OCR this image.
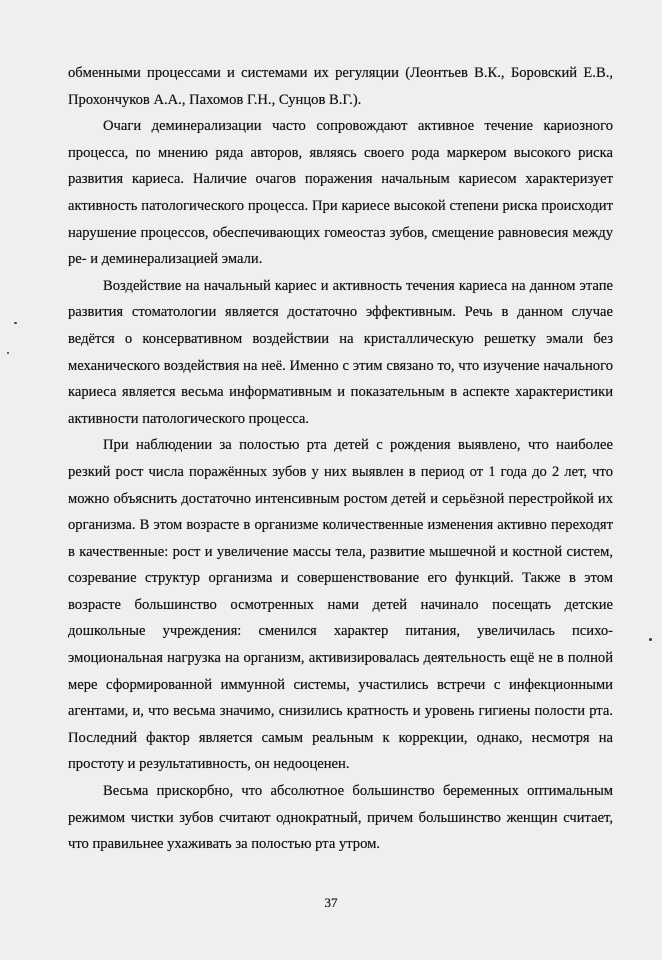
обменными процессами и системами их регуляции (Леонтьев В.К., Боровский Е.В., Прохончуков А.А., Пахомов Г.Н., Сунцов В.Г.).

Очаги деминерализации часто сопровождают активное течение кариозного процесса, по мнению ряда авторов, являясь своего рода маркером высокого риска развития кариеса. Наличие очагов поражения начальным кариесом характеризует активность патологического процесса. При кариесе высокой степени риска происходит нарушение процессов, обеспечивающих гомеостаз зубов, смещение равновесия между ре- и деминерализацией эмали.

Воздействие на начальный кариес и активность течения кариеса на данном этапе развития стоматологии является достаточно эффективным. Речь в данном случае ведётся о консервативном воздействии на кристаллическую решетку эмали без механического воздействия на неё. Именно с этим связано то, что изучение начального кариеса является весьма информативным и показательным в аспекте характеристики активности патологического процесса.

При наблюдении за полостью рта детей с рождения выявлено, что наиболее резкий рост числа поражённых зубов у них выявлен в период от 1 года до 2 лет, что можно объяснить достаточно интенсивным ростом детей и серьёзной перестройкой их организма. В этом возрасте в организме количественные изменения активно переходят в качественные: рост и увеличение массы тела, развитие мышечной и костной систем, созревание структур организма и совершенствование его функций. Также в этом возрасте большинство осмотренных нами детей начинало посещать детские дошкольные учреждения: сменился характер питания, увеличилась психо-эмоциональная нагрузка на организм, активизировалась деятельность ещё не в полной мере сформированной иммунной системы, участились встречи с инфекционными агентами, и, что весьма значимо, снизились кратность и уровень гигиены полости рта. Последний фактор является самым реальным к коррекции, однако, несмотря на простоту и результативность, он недооценен.

Весьма прискорбно, что абсолютное большинство беременных оптимальным режимом чистки зубов считают однократный, причем большинство женщин считает, что правильнее ухаживать за полостью рта утром.

37
